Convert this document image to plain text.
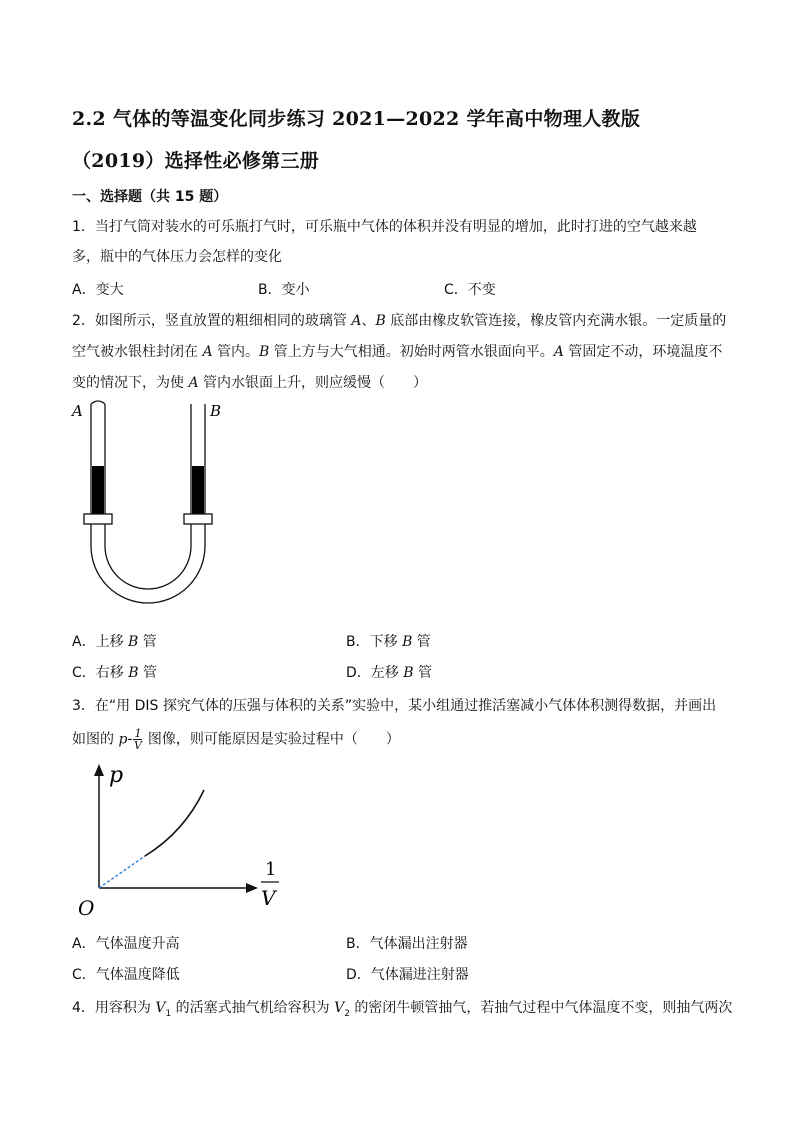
2.2 气体的等温变化同步练习 2021—2022 学年高中物理人教版
（2019）选择性必修第三册
一、选择题（共 15 题）
1．当打气筒对装水的可乐瓶打气时，可乐瓶中气体的体积并没有明显的增加，此时打进的空气越来越
多，瓶中的气体压力会怎样的变化
A．变大	B．变小	C．不变
2．如图所示，竖直放置的粗细相同的玻璃管 A、B 底部由橡皮软管连接，橡皮管内充满水银。一定质量的
空气被水银柱封闭在 A 管内。B 管上方与大气相通。初始时两管水银面向平。A 管固定不动，环境温度不
变的情况下，为使 A 管内水银面上升，则应缓慢（　　）
A	B
A．上移 B 管	B．下移 B 管
C．右移 B 管	D．左移 B 管
3．在“用 DIS 探究气体的压强与体积的关系”实验中，某小组通过推活塞减小气体体积测得数据，并画出
如图的 $p- \frac{1}{V}$ 图像，则可能原因是实验过程中（　　）
p
O
1
V
A．气体温度升高	B．气体漏出注射器
C．气体温度降低	D．气体漏进注射器
4．用容积为 $V_1$ 的活塞式抽气机给容积为 $V_2$ 的密闭牛顿管抽气，若抽气过程中气体温度不变，则抽气两次
